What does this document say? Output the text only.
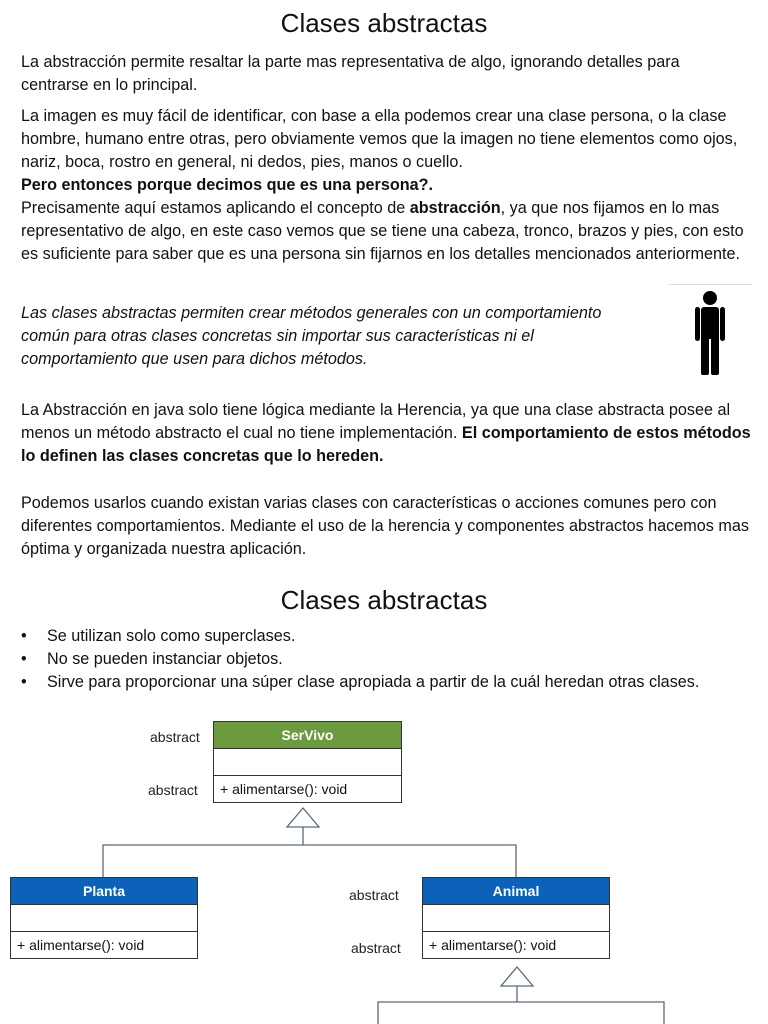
Clases abstractas
La abstracción permite resaltar la parte mas representativa de algo, ignorando detalles para centrarse en lo principal.
La imagen es muy fácil de identificar, con base a ella podemos crear una clase persona, o la clase hombre, humano entre otras, pero obviamente vemos que la imagen no tiene elementos como ojos, nariz, boca, rostro en general, ni dedos, pies, manos o cuello.
Pero entonces porque decimos que es una persona?.
Precisamente aquí estamos aplicando el concepto de abstracción, ya que nos fijamos en lo mas representativo de algo, en este caso vemos que se tiene una cabeza, tronco, brazos y pies, con esto es suficiente para saber que es una persona sin fijarnos en los detalles mencionados anteriormente.
Las clases abstractas permiten crear métodos generales con un comportamiento común para otras clases concretas sin importar sus características ni el comportamiento que usen para dichos métodos.
La Abstracción en java solo tiene lógica mediante la Herencia, ya que una clase abstracta posee al menos un método abstracto el cual no tiene implementación. El comportamiento de estos métodos lo definen las clases concretas que lo hereden.
Podemos usarlos cuando existan varias clases con características o acciones comunes pero con diferentes comportamientos. Mediante el uso de la herencia y componentes abstractos hacemos mas óptima y organizada nuestra aplicación.
Clases abstractas
• Se utilizan solo como superclases.
• No se pueden instanciar objetos.
• Sirve para proporcionar una súper clase apropiada a partir de la cuál heredan otras clases.
abstract
abstract
SerVivo
+ alimentarse(): void
Planta
+ alimentarse(): void
abstract
abstract
Animal
+ alimentarse(): void
